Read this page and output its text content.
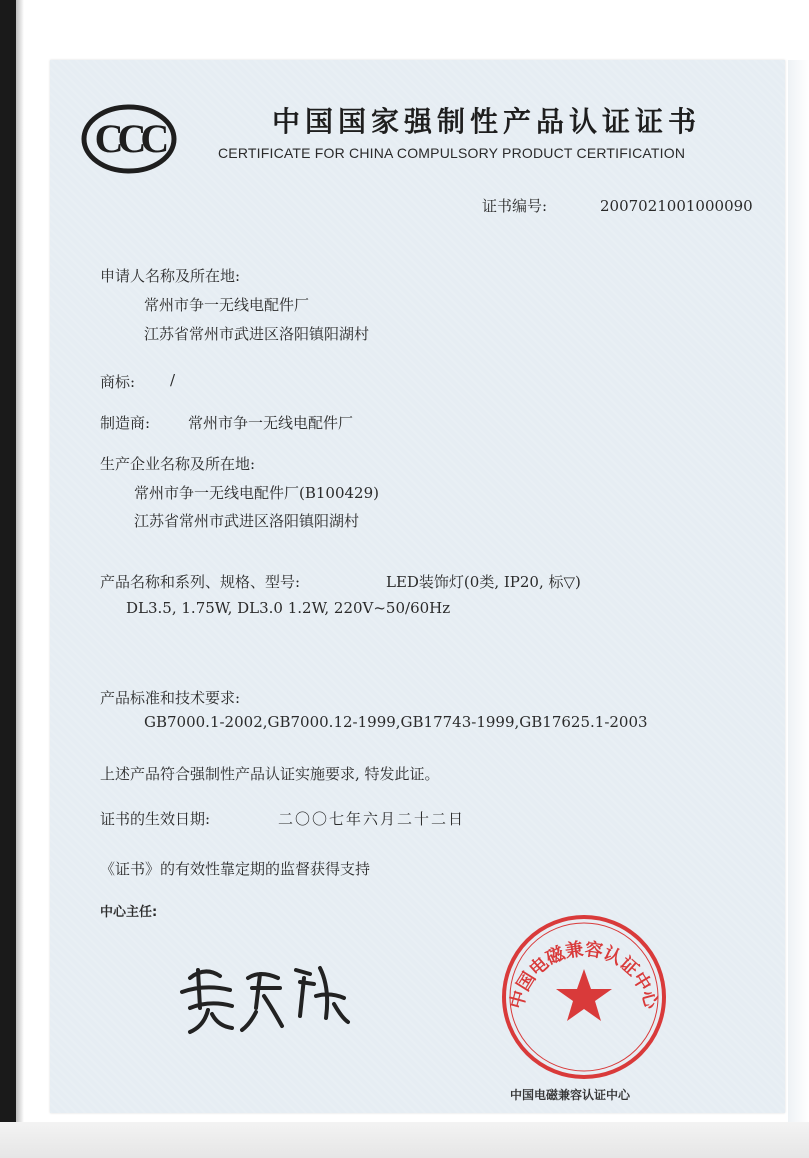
CCC	中国国家强制性产品认证证书
CERTIFICATE FOR CHINA COMPULSORY PRODUCT CERTIFICATION
证书编号:	2007021001000090
申请人名称及所在地:
常州市争一无线电配件厂
江苏省常州市武进区洛阳镇阳湖村
商标: /
制造商:	常州市争一无线电配件厂
生产企业名称及所在地:
常州市争一无线电配件厂(B100429)
江苏省常州市武进区洛阳镇阳湖村
产品名称和系列、规格、型号:	LED装饰灯(0类, IP20, 标▽)
DL3.5, 1.75W, DL3.0 1.2W, 220V~50/60Hz
产品标准和技术要求:
GB7000.1-2002,GB7000.12-1999,GB17743-1999,GB17625.1-2003
上述产品符合强制性产品认证实施要求, 特发此证。
证书的生效日期:	二〇〇七年六月二十二日
《证书》的有效性靠定期的监督获得支持
中心主任:
中国电磁兼容认证中心
中国电磁兼容认证中心
